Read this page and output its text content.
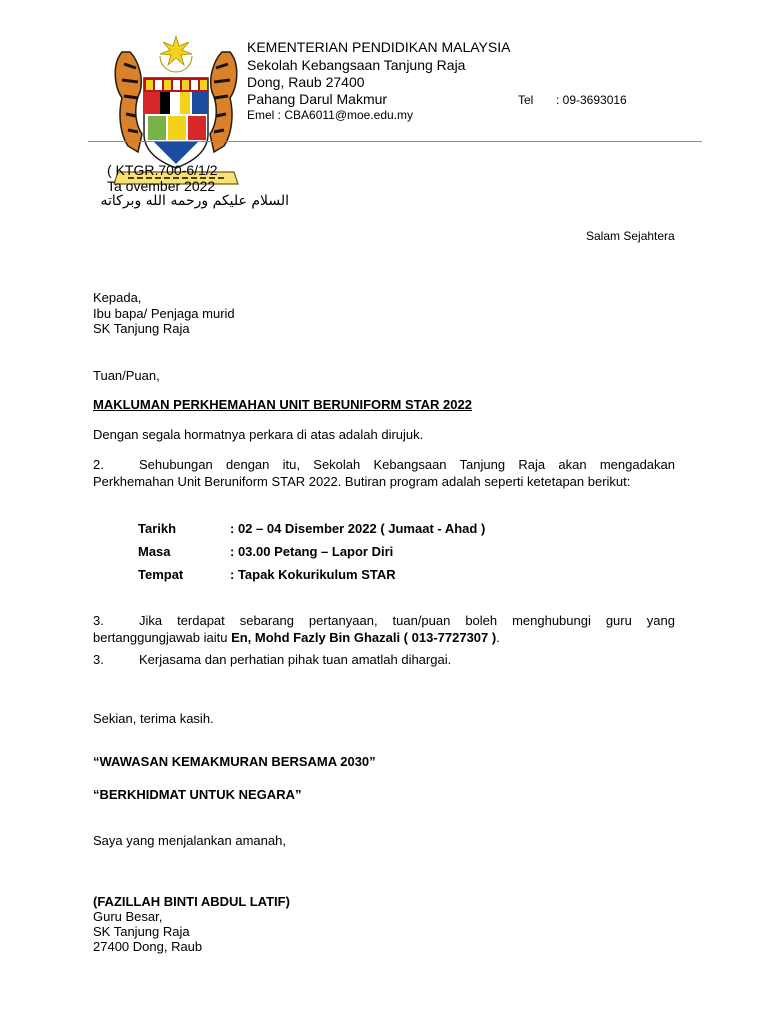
KEMENTERIAN PENDIDIKAN MALAYSIA
Sekolah Kebangsaan Tanjung Raja
Dong, Raub 27400
Pahang Darul Makmur	Tel : 09-3693016
Emel : CBA6011@moe.edu.my
( KTGR.700-6/1/2
Ta ovember 2022
السلام عليكم ورحمه الله وبركاته
Salam Sejahtera
Kepada,
Ibu bapa/ Penjaga murid
SK Tanjung Raja
Tuan/Puan,
MAKLUMAN PERKHEMAHAN UNIT BERUNIFORM STAR 2022
Dengan segala hormatnya perkara di atas adalah dirujuk.
2.	Sehubungan dengan itu, Sekolah Kebangsaan Tanjung Raja akan mengadakan Perkhemahan Unit Beruniform STAR 2022. Butiran program adalah seperti ketetapan berikut:
Tarikh	: 02 – 04 Disember 2022 ( Jumaat - Ahad )
Masa	: 03.00 Petang – Lapor Diri
Tempat	: Tapak Kokurikulum STAR
3.	Jika terdapat sebarang pertanyaan, tuan/puan boleh menghubungi guru yang bertanggungjawab iaitu En, Mohd Fazly Bin Ghazali ( 013-7727307 ).
3.	Kerjasama dan perhatian pihak tuan amatlah dihargai.
Sekian, terima kasih.
“WAWASAN KEMAKMURAN BERSAMA 2030”
“BERKHIDMAT UNTUK NEGARA”
Saya yang menjalankan amanah,
(FAZILLAH BINTI ABDUL LATIF)
Guru Besar,
SK Tanjung Raja
27400 Dong, Raub
